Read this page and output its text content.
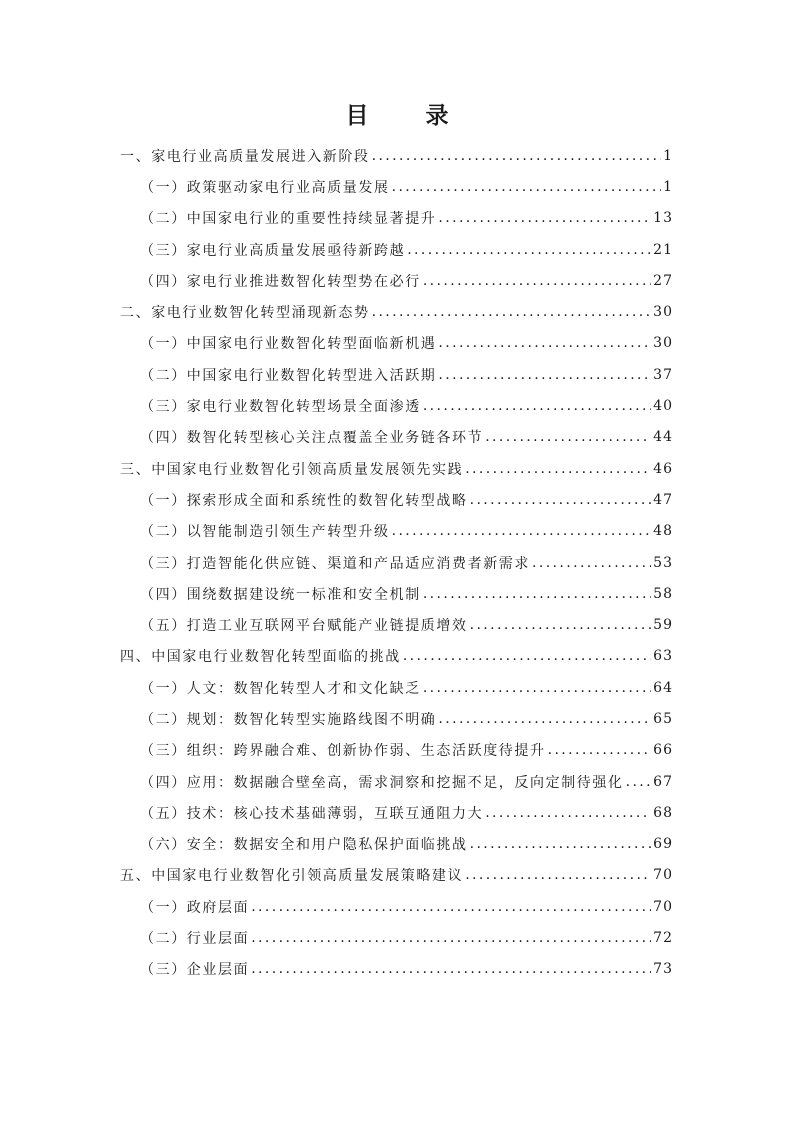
目　录
一、家电行业高质量发展进入新阶段 .....	1
（一）政策驱动家电行业高质量发展 .....	1
（二）中国家电行业的重要性持续显著提升 .....	13
（三）家电行业高质量发展亟待新跨越 .....	21
（四）家电行业推进数智化转型势在必行 .....	27
二、家电行业数智化转型涌现新态势 .....	30
（一）中国家电行业数智化转型面临新机遇 .....	30
（二）中国家电行业数智化转型进入活跃期 .....	37
（三）家电行业数智化转型场景全面渗透 .....	40
（四）数智化转型核心关注点覆盖全业务链各环节 .....	44
三、中国家电行业数智化引领高质量发展领先实践 .....	46
（一）探索形成全面和系统性的数智化转型战略 .....	47
（二）以智能制造引领生产转型升级 .....	48
（三）打造智能化供应链、渠道和产品适应消费者新需求 .....	53
（四）围绕数据建设统一标准和安全机制 .....	58
（五）打造工业互联网平台赋能产业链提质增效 .....	59
四、中国家电行业数智化转型面临的挑战 .....	63
（一）人文：数智化转型人才和文化缺乏 .....	64
（二）规划：数智化转型实施路线图不明确 .....	65
（三）组织：跨界融合难、创新协作弱、生态活跃度待提升 .....	66
（四）应用：数据融合壁垒高，需求洞察和挖掘不足，反向定制待强化 ..... 67
（五）技术：核心技术基础薄弱，互联互通阻力大 .....	68
（六）安全：数据安全和用户隐私保护面临挑战 .....	69
五、中国家电行业数智化引领高质量发展策略建议 .....	70
（一）政府层面 .....	70
（二）行业层面 .....	72
（三）企业层面 .....	73
